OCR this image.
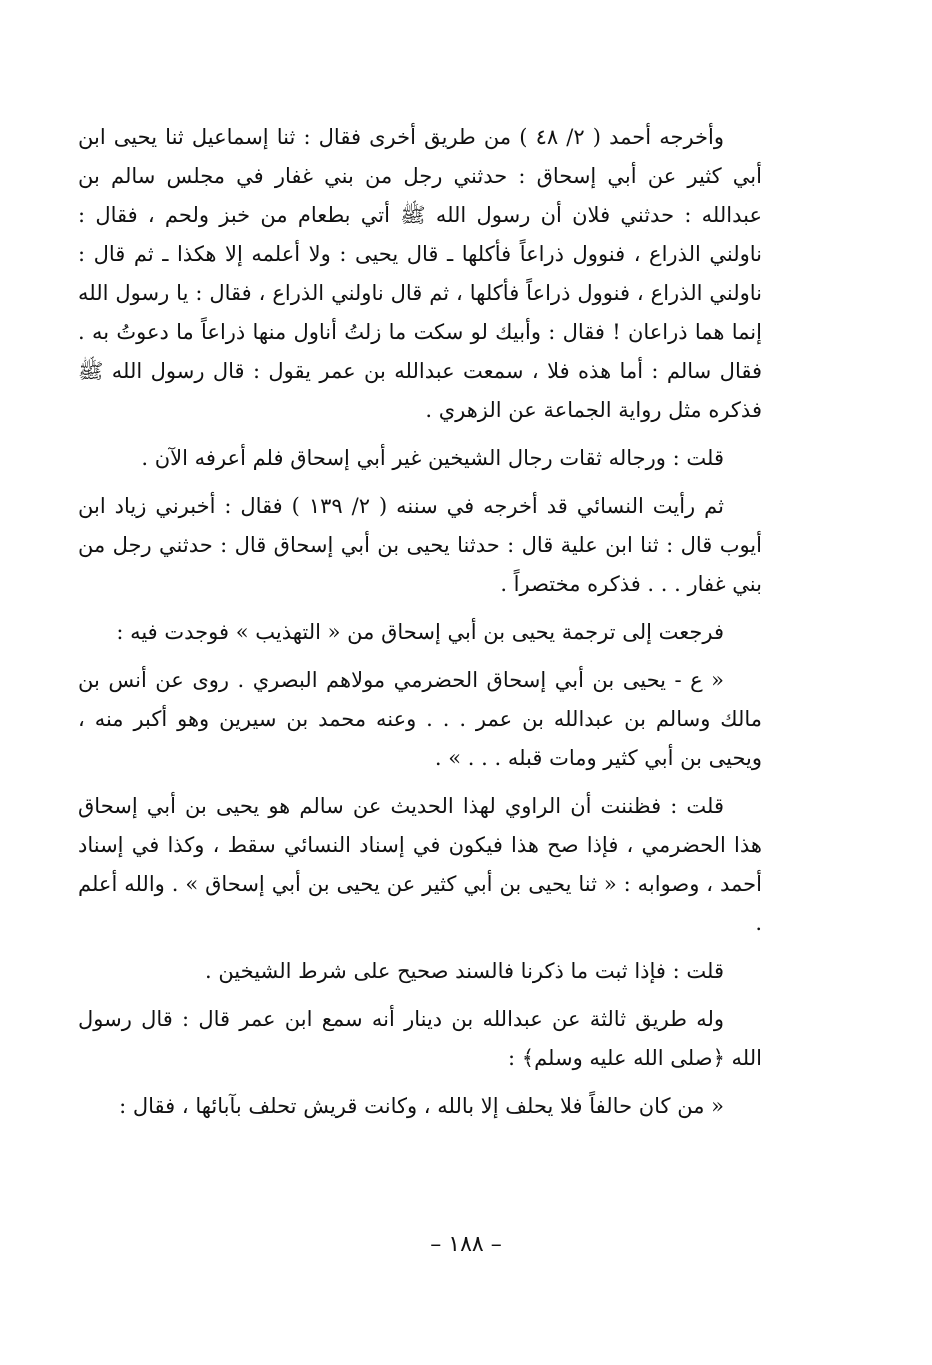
وأخرجه أحمد ( ٢/ ٤٨ ) من طريق أخرى فقال : ثنا إسماعيل ثنا يحيى ابن أبي كثير عن أبي إسحاق : حدثني رجل من بني غفار في مجلس سالم بن عبدالله : حدثني فلان أن رسول الله ﷺ أتي بطعام من خبز ولحم ، فقال : ناولني الذراع ، فنوول ذراعاً فأكلها ـ قال يحيى : ولا أعلمه إلا هكذا ـ ثم قال : ناولني الذراع ، فنوول ذراعاً فأكلها ، ثم قال ناولني الذراع ، فقال : يا رسول الله إنما هما ذراعان ! فقال : وأبيك لو سكت ما زلتُ أناول منها ذراعاً ما دعوتُ به . فقال سالم : أما هذه فلا ، سمعت عبدالله بن عمر يقول : قال رسول الله ﷺ فذكره مثل رواية الجماعة عن الزهري .

قلت : ورجاله ثقات رجال الشيخين غير أبي إسحاق فلم أعرفه الآن .

ثم رأيت النسائي قد أخرجه في سننه ( ٢/ ١٣٩ ) فقال : أخبرني زياد ابن أيوب قال : ثنا ابن علية قال : حدثنا يحيى بن أبي إسحاق قال : حدثني رجل من بني غفار . . . فذكره مختصراً .

فرجعت إلى ترجمة يحيى بن أبي إسحاق من « التهذيب » فوجدت فيه :

« ع - يحيى بن أبي إسحاق الحضرمي مولاهم البصري . روى عن أنس بن مالك وسالم بن عبدالله بن عمر . . . وعنه محمد بن سيرين وهو أكبر منه ، ويحيى بن أبي كثير ومات قبله . . . » .

قلت : فظننت أن الراوي لهذا الحديث عن سالم هو يحيى بن أبي إسحاق هذا الحضرمي ، فإذا صح هذا فيكون في إسناد النسائي سقط ، وكذا في إسناد أحمد ، وصوابه : « ثنا يحيى بن أبي كثير عن يحيى بن أبي إسحاق » . والله أعلم .

قلت : فإذا ثبت ما ذكرنا فالسند صحيح على شرط الشيخين .

وله طريق ثالثة عن عبدالله بن دينار أنه سمع ابن عمر قال : قال رسول الله ﴿صلى الله عليه وسلم﴾ :

« من كان حالفاً فلا يحلف إلا بالله ، وكانت قريش تحلف بآبائها ، فقال :

– ١٨٨ –
